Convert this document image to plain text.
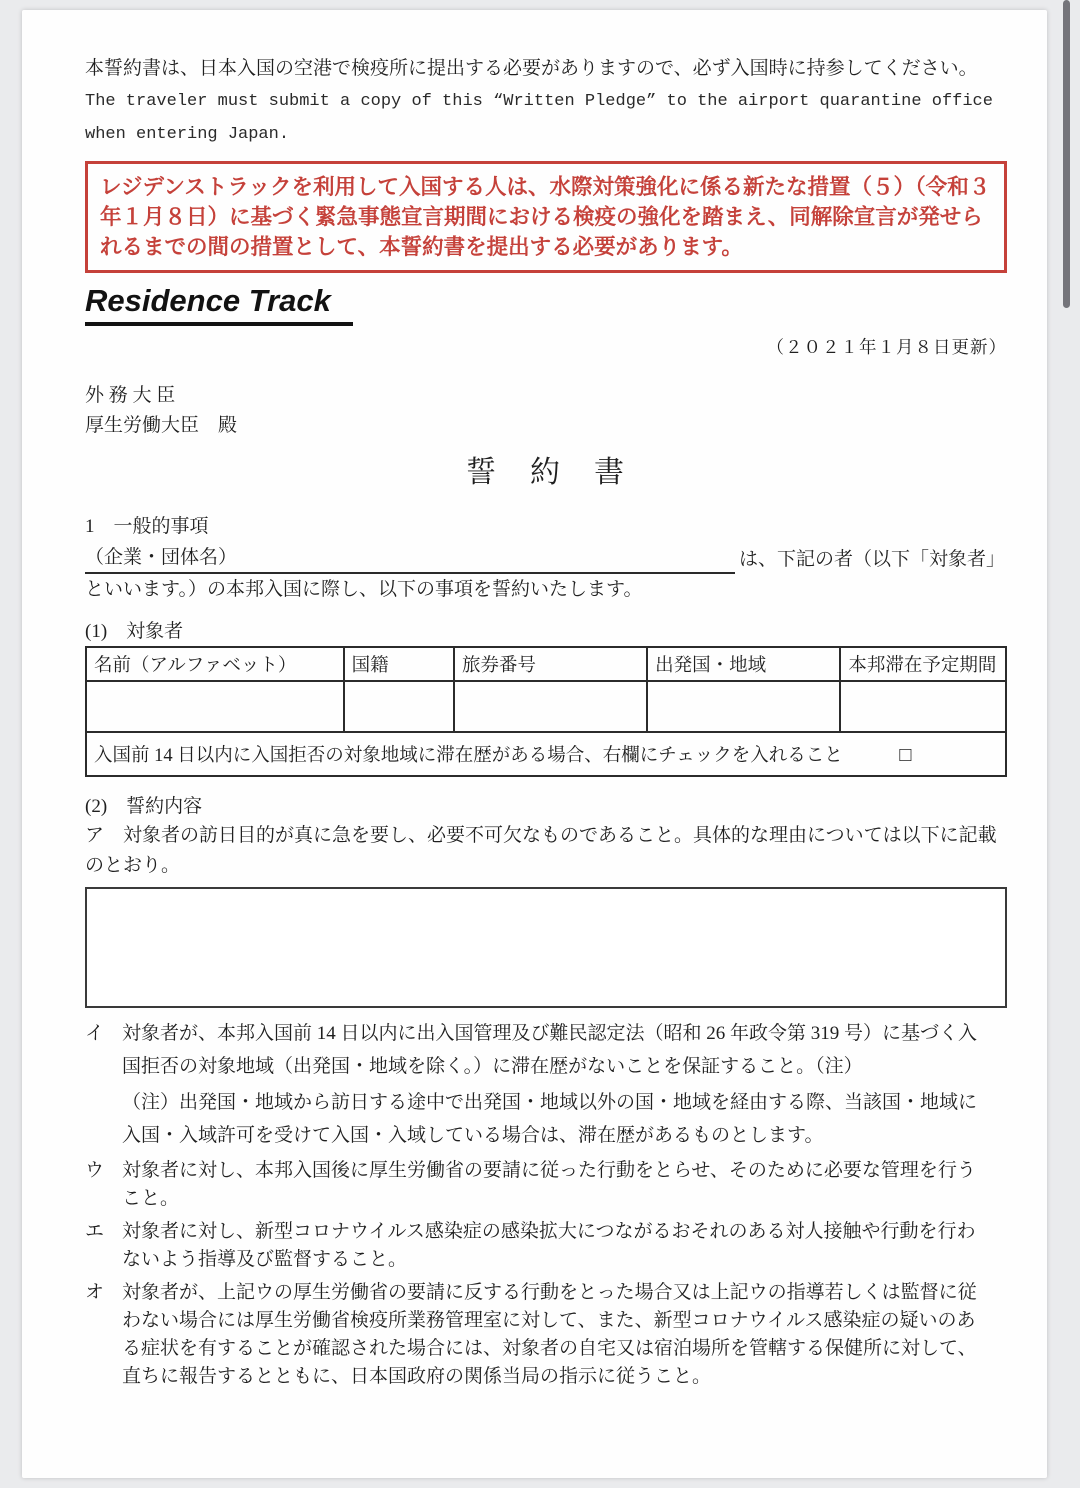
本誓約書は、日本入国の空港で検疫所に提出する必要がありますので、必ず入国時に持参してください。

The traveler must submit a copy of this “Written Pledge” to the airport quarantine office when entering Japan.

レジデンストラックを利用して入国する人は、水際対策強化に係る新たな措置（５）（令和３年１月８日）に基づく緊急事態宣言期間における検疫の強化を踏まえ、同解除宣言が発せられるまでの間の措置として、本誓約書を提出する必要があります。

Residence Track

（２０２１年１月８日更新）

外 務 大 臣

厚生労働大臣　殿

誓　約　書

1　一般的事項

（企業・団体名）	は、下記の者（以下「対象者」

といいます。）の本邦入国に際し、以下の事項を誓約いたします。

(1)　対象者

名前（アルファベット）	国籍	旅券番号	出発国・地域	本邦滞在予定期間

入国前 14 日以内に入国拒否の対象地域に滞在歴がある場合、右欄にチェックを入れること □				

(2)　誓約内容

ア　対象者の訪日目的が真に急を要し、必要不可欠なものであること。具体的な理由については以下に記載のとおり。

イ 対象者が、本邦入国前 14 日以内に出入国管理及び難民認定法（昭和 26 年政令第 319 号）に基づく入国拒否の対象地域（出発国・地域を除く。）に滞在歴がないことを保証すること。（注）

（注）出発国・地域から訪日する途中で出発国・地域以外の国・地域を経由する際、当該国・地域に入国・入域許可を受けて入国・入域している場合は、滞在歴があるものとします。

ウ 対象者に対し、本邦入国後に厚生労働省の要請に従った行動をとらせ、そのために必要な管理を行うこと。

エ 対象者に対し、新型コロナウイルス感染症の感染拡大につながるおそれのある対人接触や行動を行わないよう指導及び監督すること。

オ 対象者が、上記ウの厚生労働省の要請に反する行動をとった場合又は上記ウの指導若しくは監督に従わない場合には厚生労働省検疫所業務管理室に対して、また、新型コロナウイルス感染症の疑いのある症状を有することが確認された場合には、対象者の自宅又は宿泊場所を管轄する保健所に対して、直ちに報告するとともに、日本国政府の関係当局の指示に従うこと。
